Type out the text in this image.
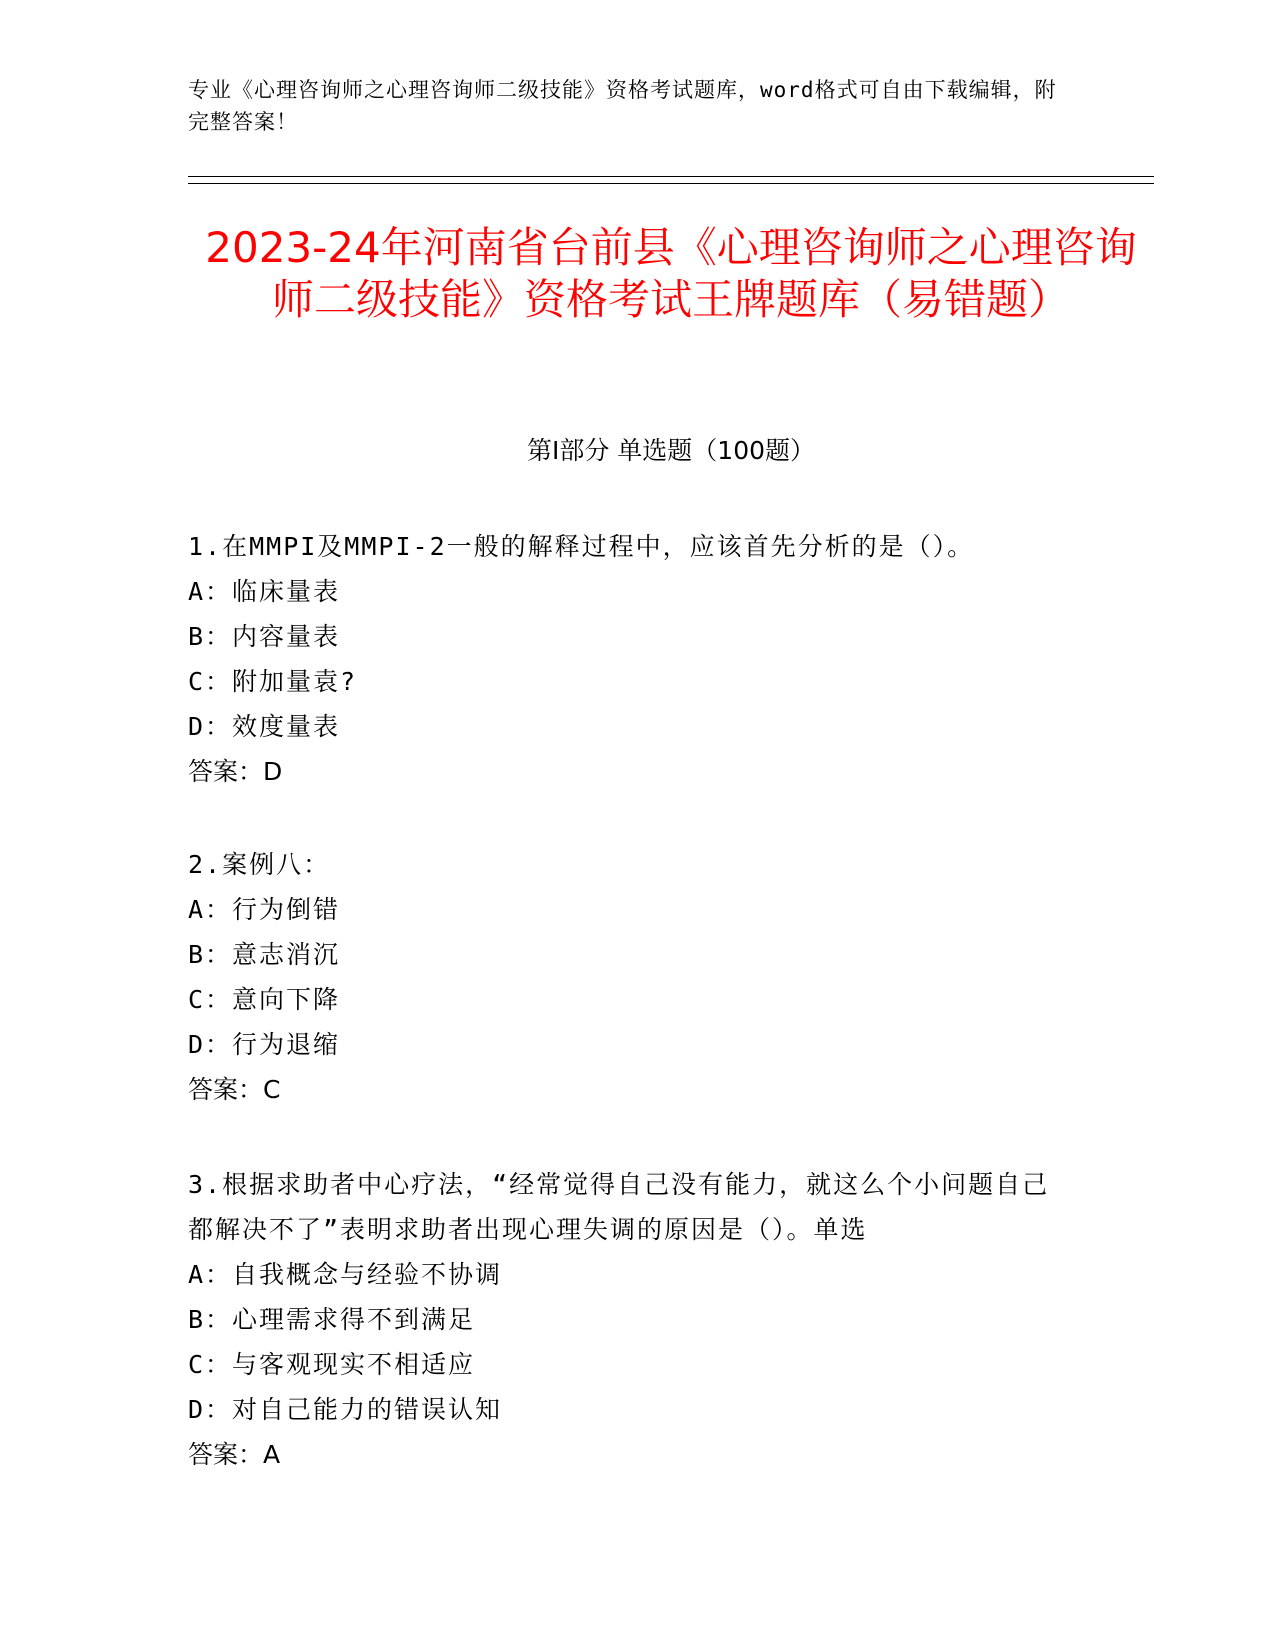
专业《心理咨询师之心理咨询师二级技能》资格考试题库，word格式可自由下载编辑，附完整答案！
2023-24年河南省台前县《心理咨询师之心理咨询师二级技能》资格考试王牌题库（易错题）
第I部分 单选题（100题）
1.在MMPI及MMPI-2一般的解释过程中，应该首先分析的是（）。
A：临床量表
B：内容量表
C：附加量袁?
D：效度量表
答案：D
2.案例八：
A：行为倒错
B：意志消沉
C：意向下降
D：行为退缩
答案：C
3.根据求助者中心疗法，“经常觉得自己没有能力，就这么个小问题自己都解决不了”表明求助者出现心理失调的原因是（）。单选
A：自我概念与经验不协调
B：心理需求得不到满足
C：与客观现实不相适应
D：对自己能力的错误认知
答案：A
